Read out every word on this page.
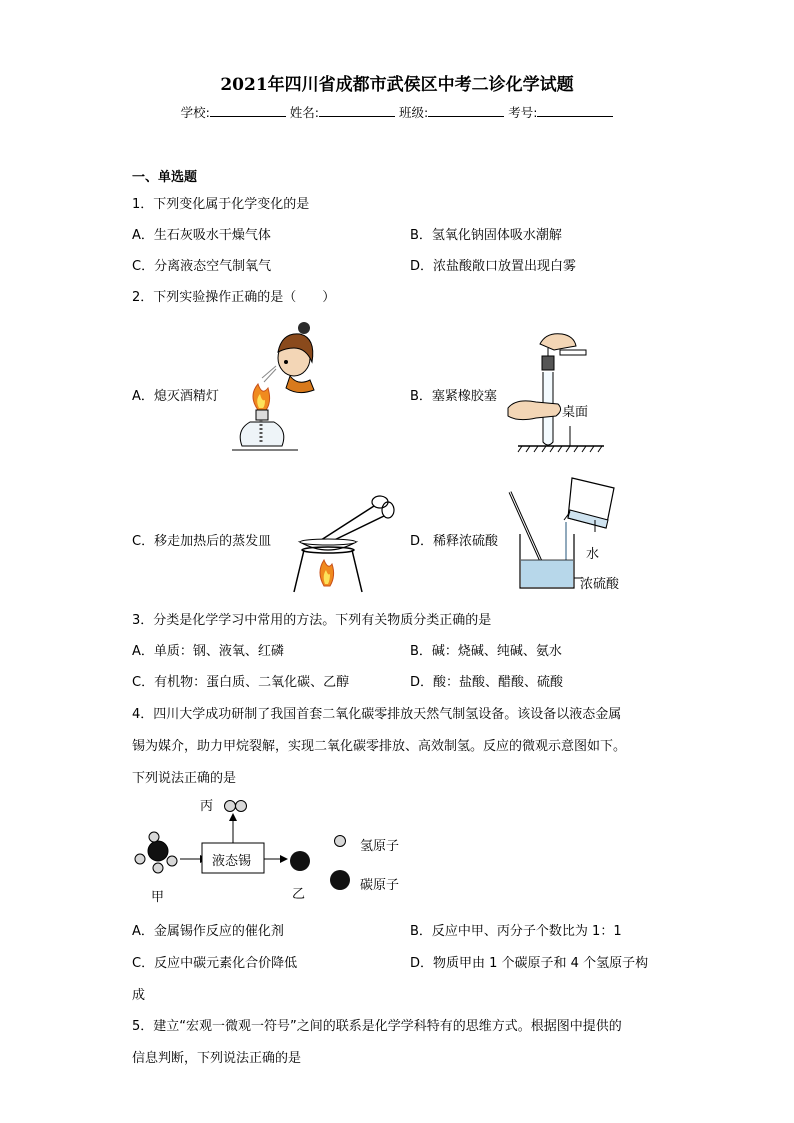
2021年四川省成都市武侯区中考二诊化学试题
学校:	姓名:	班级:	考号:
一、单选题
1．下列变化属于化学变化的是
A．生石灰吸水干燥气体	B．氢氧化钠固体吸水潮解
C．分离液态空气制氧气	D．浓盐酸敞口放置出现白雾
2．下列实验操作正确的是（　　）
A．熄灭酒精灯	B．塞紧橡胶塞
C．移走加热后的蒸发皿	D．稀释浓硫酸
桌面
水
浓硫酸
3．分类是化学学习中常用的方法。下列有关物质分类正确的是
A．单质：钢、液氧、红磷	B．碱：烧碱、纯碱、氨水
C．有机物：蛋白质、二氧化碳、乙醇	D．酸：盐酸、醋酸、硫酸
4．四川大学成功研制了我国首套二氧化碳零排放天然气制氢设备。该设备以液态金属
锡为媒介，助力甲烷裂解，实现二氧化碳零排放、高效制氢。反应的微观示意图如下。
下列说法正确的是
丙
液态锡
甲	乙
氢原子
碳原子
A．金属锡作反应的催化剂	B．反应中甲、丙分子个数比为 1：1
C．反应中碳元素化合价降低	D．物质甲由 1 个碳原子和 4 个氢原子构
成
5．建立“宏观一微观一符号”之间的联系是化学学科特有的思维方式。根据图中提供的
信息判断，下列说法正确的是
